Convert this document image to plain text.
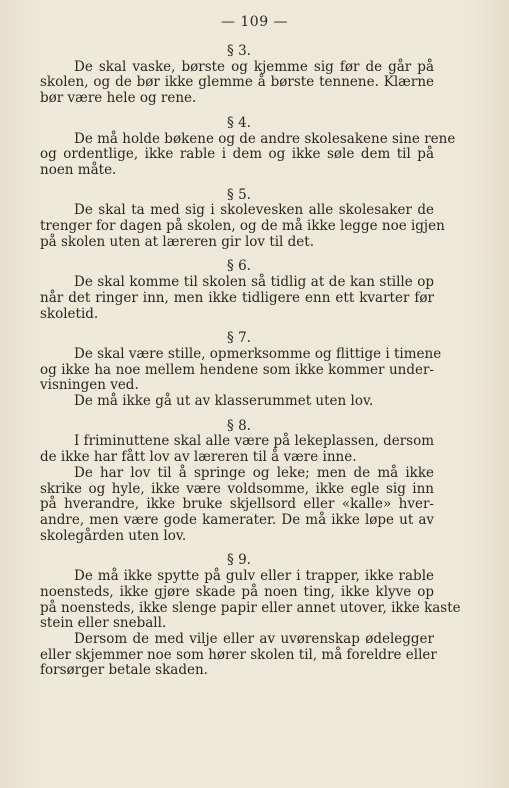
— 109 —

§ 3.

De skal vaske, børste og kjemme sig før de går på

skolen, og de bør ikke glemme å børste tennene. Klærne

bør være hele og rene.

§ 4.

De må holde bøkene og de andre skolesakene sine rene

og ordentlige, ikke rable i dem og ikke søle dem til på

noen måte.

§ 5.

De skal ta med sig i skolevesken alle skolesaker de

trenger for dagen på skolen, og de må ikke legge noe igjen

på skolen uten at læreren gir lov til det.

§ 6.

De skal komme til skolen så tidlig at de kan stille op

når det ringer inn, men ikke tidligere enn ett kvarter før

skoletid.

§ 7.

De skal være stille, opmerksomme og flittige i timene

og ikke ha noe mellem hendene som ikke kommer under-

visningen ved.

De må ikke gå ut av klasserummet uten lov.

§ 8.

I friminuttene skal alle være på lekeplassen, dersom

de ikke har fått lov av læreren til å være inne.

De har lov til å springe og leke; men de må ikke

skrike og hyle, ikke være voldsomme, ikke egle sig inn

på hverandre, ikke bruke skjellsord eller «kalle» hver-

andre, men være gode kamerater. De må ikke løpe ut av

skolegården uten lov.

§ 9.

De må ikke spytte på gulv eller i trapper, ikke rable

noensteds, ikke gjøre skade på noen ting, ikke klyve op

på noensteds, ikke slenge papir eller annet utover, ikke kaste

stein eller sneball.

Dersom de med vilje eller av uvørenskap ødelegger

eller skjemmer noe som hører skolen til, må foreldre eller

forsørger betale skaden.
